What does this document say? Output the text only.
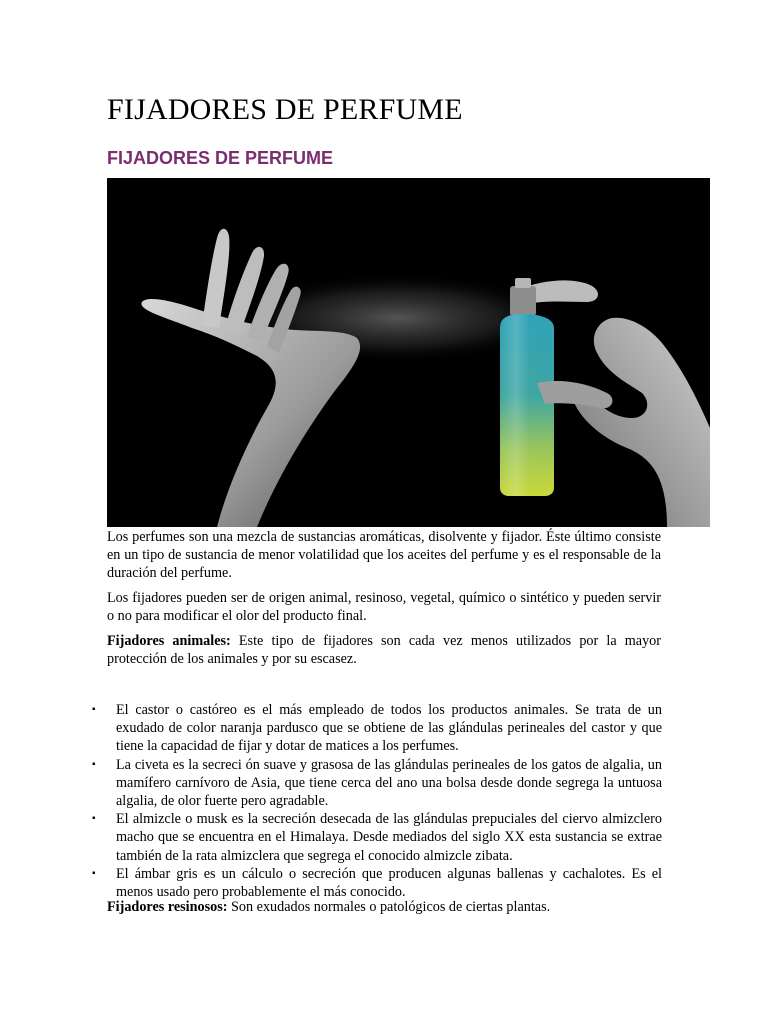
FIJADORES DE PERFUME
FIJADORES DE PERFUME

Los perfumes son una mezcla de sustancias aromáticas, disolvente y fijador. Éste último consiste en un tipo de sustancia de menor volatilidad que los aceites del perfume y es el responsable de la duración del perfume.

Los fijadores pueden ser de origen animal, resinoso, vegetal, químico o sintético y pueden servir o no para modificar el olor del producto final.

Fijadores animales: Este tipo de fijadores son cada vez menos utilizados por la mayor protección de los animales y por su escasez.

▪ El castor o castóreo es el más empleado de todos los productos animales. Se trata de un exudado de color naranja pardusco que se obtiene de las glándulas perineales del castor y que tiene la capacidad de fijar y dotar de matices a los perfumes.
▪ La civeta es la secreci ón suave y grasosa de las glándulas perineales de los gatos de algalia, un mamífero carnívoro de Asia, que tiene cerca del ano una bolsa desde donde segrega la untuosa algalia, de olor fuerte pero agradable.
▪ El almizcle o musk es la secreción desecada de las glándulas prepuciales del ciervo almizclero macho que se encuentra en el Himalaya. Desde mediados del siglo XX esta sustancia se extrae también de la rata almizclera que segrega el conocido almizcle zibata.
▪ El ámbar gris es un cálculo o secreción que producen algunas ballenas y cachalotes. Es el menos usado pero probablemente el más conocido.

Fijadores resinosos: Son exudados normales o patológicos de ciertas plantas.
